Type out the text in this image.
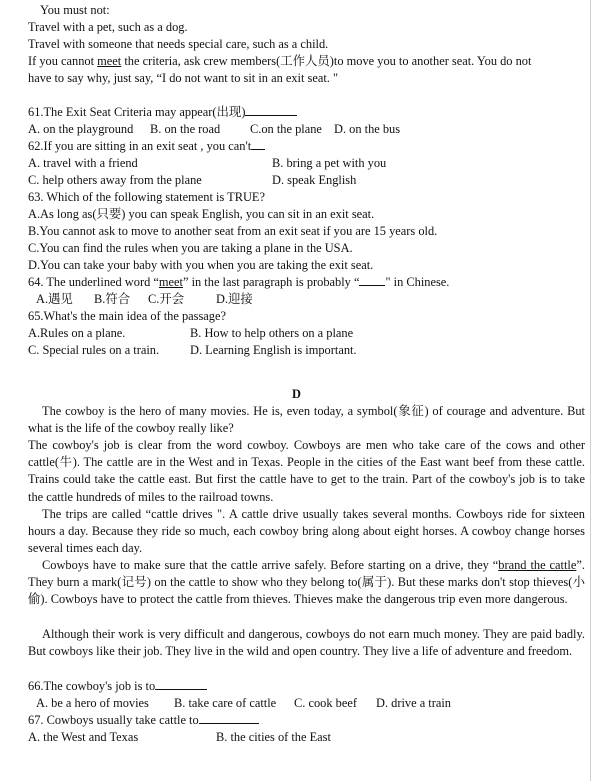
You must not:
Travel with a pet, such as a dog.
Travel with someone that needs special care, such as a child.
If you cannot meet the criteria, ask crew members(工作人员)to move you to another seat. You do not
have to say why, just say, “I do not want to sit in an exit seat. "
61.The Exit Seat Criteria may appear(出现)
A. on the playground B. on the road C.on the plane D. on the bus
62.If you are sitting in an exit seat , you can't
A. travel with a friend	B. bring a pet with you
C. help others away from the plane	D. speak English
63. Which of the following statement is TRUE?
A.As long as(只要) you can speak English, you can sit in an exit seat.
B.You cannot ask to move to another seat from an exit seat if you are 15 years old.
C.You can find the rules when you are taking a plane in the USA.
D.You can take your baby with you when you are taking the exit seat.
64. The underlined word “meet” in the last paragraph is probably “ " in Chinese.
A.遇见 B.符合 C.开会	D.迎接
65.What's the main idea of the passage?
A.Rules on a plane.	B. How to help others on a plane
C. Special rules on a train. D. Learning English is important.
D

The cowboy is the hero of many movies. He is, even today, a symbol(象征) of courage and adventure. But what is the life of the cowboy really like?

The cowboy's job is clear from the word cowboy. Cowboys are men who take care of the cows and other cattle(牛). The cattle are in the West and in Texas. People in the cities of the East want beef from these cattle. Trains could take the cattle east. But first the cattle have to get to the train. Part of the cowboy's job is to take the cattle hundreds of miles to the railroad towns.

The trips are called “cattle drives ". A cattle drive usually takes several months. Cowboys ride for sixteen hours a day. Because they ride so much, each cowboy bring along about eight horses. A cowboy change horses several times each day.

Cowboys have to make sure that the cattle arrive safely. Before starting on a drive, they “brand the cattle”. They burn a mark(记号) on the cattle to show who they belong to(属于). But these marks don't stop thieves(小偷). Cowboys have to protect the cattle from thieves. Thieves make the dangerous trip even more dangerous.

Although their work is very difficult and dangerous, cowboys do not earn much money. They are paid badly. But cowboys like their job. They live in the wild and open country. They live a life of adventure and freedom.

66.The cowboy's job is to
A. be a hero of movies B. take care of cattle C. cook beef D. drive a train
67. Cowboys usually take cattle to
A. the West and Texas	B. the cities of the East
